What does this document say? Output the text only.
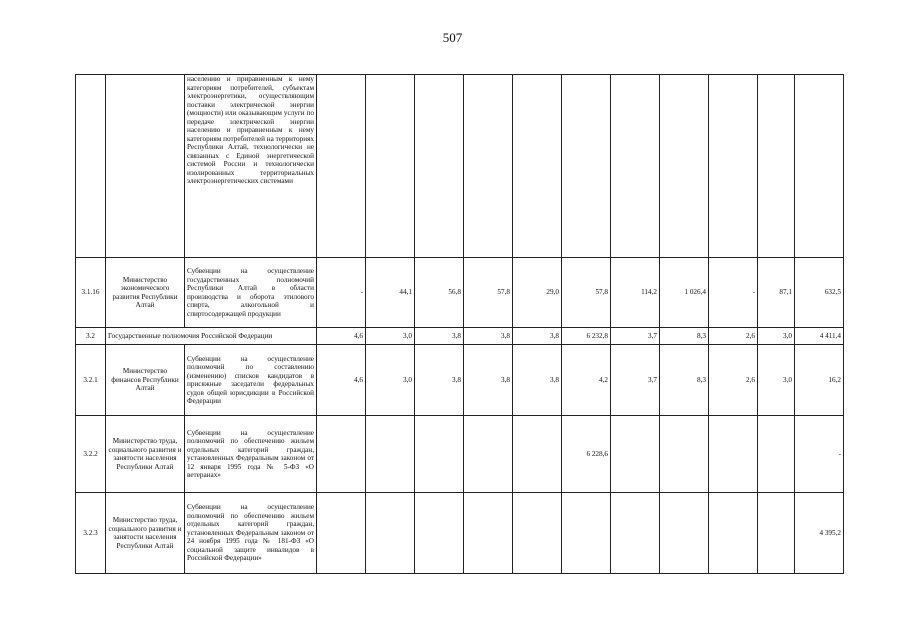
507
		населению и приравненным к нему категориям потребителей, субъектам электроэнергетики, осуществляющим поставки электрической энергии (мощности) или оказывающим услуги по передаче электрической энергии населению и приравненным к нему категориям потребителей на территориях Республики Алтай, технологически не связанных с Единой энергетической системой России и технологически изолированных территориальных электроэнергетических системами											
3.1.16	Министерство экономического развития Республики Алтай	Субвенции на осуществление государственных полномочий Республики Алтай в области производства и оборота этилового спирта, алкогольной и спиртосодержащей продукции	-	44,1	56,8	57,8	29,0	57,8	114,2	1 026,4	-	87,1	632,5
3.2	Государственные полномочия Российской Федерации		4,6	3,0	3,8	3,8	3,8	6 232,8	3,7	8,3	2,6	3,0	4 411,4
3.2.1	Министерство финансов Республики Алтай	Субвенции на осуществление полномочий по составлению (изменению) списков кандидатов в присяжные заседатели федеральных судов общей юрисдикции в Российской Федерации	4,6	3,0	3,8	3,8	3,8	4,2	3,7	8,3	2,6	3,0	16,2
3.2.2	Министерство труда, социального развития и занятости населения Республики Алтай	Субвенции на осуществление полномочий по обеспечению жильем отдельных категорий граждан, установленных Федеральным законом от 12 января 1995 года № 5-ФЗ «О ветеранах»						6 228,6					-
3.2.3	Министерство труда, социального развития и занятости населения Республики Алтай	Субвенции на осуществление полномочий по обеспечению жильем отдельных категорий граждан, установленных Федеральным законом от 24 ноября 1995 года № 181-ФЗ «О социальной защите инвалидов в Российской Федерации»											4 395,2
